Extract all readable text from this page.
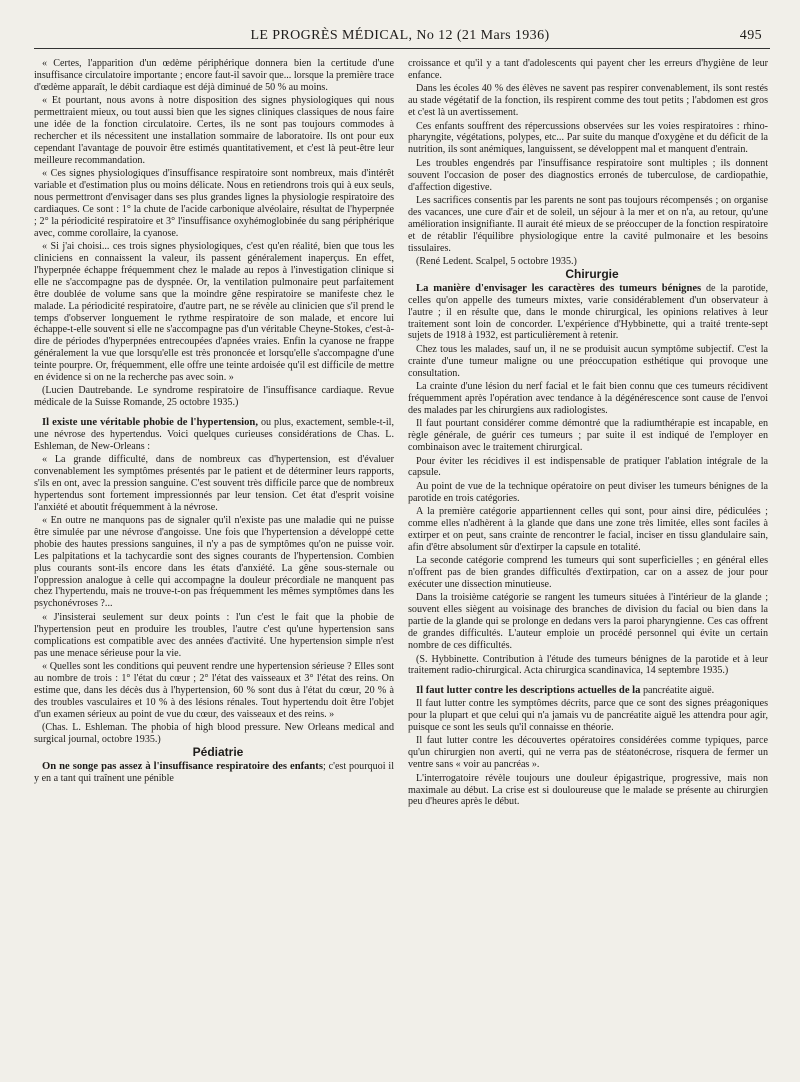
LE PROGRÈS MÉDICAL, No 12 (21 Mars 1936)	495

« Certes, l'apparition d'un œdème périphérique donnera bien la certitude d'une insuffisance circulatoire importante ; encore faut-il savoir que... lorsque la première trace d'œdème apparaît, le débit cardiaque est déjà diminué de 50 % au moins.

« Et pourtant, nous avons à notre disposition des signes physiologiques qui nous permettraient mieux, ou tout aussi bien que les signes cliniques classiques de nous faire une idée de la fonction circulatoire. Certes, ils ne sont pas toujours commodes à rechercher et ils nécessitent une installation sommaire de laboratoire. Ils ont pour eux cependant l'avantage de pouvoir être estimés quantitativement, et c'est là peut-être leur meilleure recommandation.

« Ces signes physiologiques d'insuffisance respiratoire sont nombreux, mais d'intérêt variable et d'estimation plus ou moins délicate. Nous en retiendrons trois qui à eux seuls, nous permettront d'envisager dans ses plus grandes lignes la physiologie respiratoire des cardiaques. Ce sont : 1° la chute de l'acide carbonique alvéolaire, résultat de l'hyperpnée ; 2° la périodicité respiratoire et 3° l'insuffisance oxyhémoglobinée du sang périphérique avec, comme corollaire, la cyanose.

« Si j'ai choisi... ces trois signes physiologiques, c'est qu'en réalité, bien que tous les cliniciens en connaissent la valeur, ils passent généralement inaperçus. En effet, l'hyperpnée échappe fréquemment chez le malade au repos à l'investigation clinique si elle ne s'accompagne pas de dyspnée. Or, la ventilation pulmonaire peut parfaitement être doublée de volume sans que la moindre gêne respiratoire se manifeste chez le malade. La périodicité respiratoire, d'autre part, ne se révèle au clinicien que s'il prend le temps d'observer longuement le rythme respiratoire de son malade, et encore lui échappe-t-elle souvent si elle ne s'accompagne pas d'un véritable Cheyne-Stokes, c'est-à-dire de périodes d'hyperpnées entrecoupées d'apnées vraies. Enfin la cyanose ne frappe généralement la vue que lorsqu'elle est très prononcée et lorsqu'elle s'accompagne d'une teinte pourpre. Or, fréquemment, elle offre une teinte ardoisée qu'il est difficile de mettre en évidence si on ne la recherche pas avec soin. »

(Lucien Dautrebande. Le syndrome respiratoire de l'insuffisance cardiaque. Revue médicale de la Suisse Romande, 25 octobre 1935.)

Il existe une véritable phobie de l'hypertension, ou plus, exactement, semble-t-il, une névrose des hypertendus. Voici quelques curieuses considérations de Chas. L. Eshleman, de New-Orleans :

« La grande difficulté, dans de nombreux cas d'hypertension, est d'évaluer convenablement les symptômes présentés par le patient et de déterminer leurs rapports, s'ils en ont, avec la pression sanguine. C'est souvent très difficile parce que de nombreux hypertendus sont fortement impressionnés par leur tension. Cet état d'esprit voisine l'anxiété et aboutit fréquemment à la névrose.

« En outre ne manquons pas de signaler qu'il n'existe pas une maladie qui ne puisse être simulée par une névrose d'angoisse. Une fois que l'hypertension a développé cette phobie des hautes pressions sanguines, il n'y a pas de symptômes qu'on ne puisse voir. Les palpitations et la tachycardie sont des signes courants de l'hypertension. Combien plus courants sont-ils encore dans les états d'anxiété. La gêne sous-sternale ou l'oppression analogue à celle qui accompagne la douleur précordiale ne manquent pas chez l'hypertendu, mais ne trouve-t-on pas fréquemment les mêmes symptômes dans les psychonévroses ?...

« J'insisterai seulement sur deux points : l'un c'est le fait que la phobie de l'hypertension peut en produire les troubles, l'autre c'est qu'une hypertension sans complications est compatible avec des années d'activité. Une hypertension simple n'est pas une menace sérieuse pour la vie.

« Quelles sont les conditions qui peuvent rendre une hypertension sérieuse ? Elles sont au nombre de trois : 1° l'état du cœur ; 2° l'état des vaisseaux et 3° l'état des reins. On estime que, dans les décès dus à l'hypertension, 60 % sont dus à l'état du cœur, 20 % à des troubles vasculaires et 10 % à des lésions rénales. Tout hypertendu doit être l'objet d'un examen sérieux au point de vue du cœur, des vaisseaux et des reins. »

(Chas. L. Eshleman. The phobia of high blood pressure. New Orleans medical and surgical journal, octobre 1935.)

Pédiatrie

On ne songe pas assez à l'insuffisance respiratoire des enfants; c'est pourquoi il y en a tant qui traînent une pénible

croissance et qu'il y a tant d'adolescents qui payent cher les erreurs d'hygiène de leur enfance.

Dans les écoles 40 % des élèves ne savent pas respirer convenablement, ils sont restés au stade végétatif de la fonction, ils respirent comme des tout petits ; l'abdomen est gros et c'est là un avertissement.

Ces enfants souffrent des répercussions observées sur les voies respiratoires : rhino-pharyngite, végétations, polypes, etc... Par suite du manque d'oxygène et du déficit de la nutrition, ils sont anémiques, languissent, se développent mal et manquent d'entrain.

Les troubles engendrés par l'insuffisance respiratoire sont multiples ; ils donnent souvent l'occasion de poser des diagnostics erronés de tuberculose, de cardiopathie, d'affection digestive.

Les sacrifices consentis par les parents ne sont pas toujours récompensés ; on organise des vacances, une cure d'air et de soleil, un séjour à la mer et on n'a, au retour, qu'une amélioration insignifiante. Il aurait été mieux de se préoccuper de la fonction respiratoire et de rétablir l'équilibre physiologique entre la cavité pulmonaire et les besoins tissulaires.

(René Ledent. Scalpel, 5 octobre 1935.)

Chirurgie

La manière d'envisager les caractères des tumeurs bénignes de la parotide, celles qu'on appelle des tumeurs mixtes, varie considérablement d'un observateur à l'autre ; il en résulte que, dans le monde chirurgical, les opinions relatives à leur traitement sont loin de concorder. L'expérience d'Hybbinette, qui a traité trente-sept sujets de 1918 à 1932, est particulièrement à retenir.

Chez tous les malades, sauf un, il ne se produisit aucun symptôme subjectif. C'est la crainte d'une tumeur maligne ou une préoccupation esthétique qui provoque une consultation.

La crainte d'une lésion du nerf facial et le fait bien connu que ces tumeurs récidivent fréquemment après l'opération avec tendance à la dégénérescence sont cause de l'envoi des malades par les chirurgiens aux radiologistes.

Il faut pourtant considérer comme démontré que la radiumthérapie est incapable, en règle générale, de guérir ces tumeurs ; par suite il est indiqué de l'employer en combinaison avec le traitement chirurgical.

Pour éviter les récidives il est indispensable de pratiquer l'ablation intégrale de la capsule.

Au point de vue de la technique opératoire on peut diviser les tumeurs bénignes de la parotide en trois catégories.

A la première catégorie appartiennent celles qui sont, pour ainsi dire, pédiculées ; comme elles n'adhèrent à la glande que dans une zone très limitée, elles sont faciles à extirper et on peut, sans crainte de rencontrer le facial, inciser en tissu glandulaire sain, afin d'être absolument sûr d'extirper la capsule en totalité.

La seconde catégorie comprend les tumeurs qui sont superficielles ; en général elles n'offrent pas de bien grandes difficultés d'extirpation, car on a assez de jour pour exécuter une dissection minutieuse.

Dans la troisième catégorie se rangent les tumeurs situées à l'intérieur de la glande ; souvent elles siègent au voisinage des branches de division du facial ou bien dans la partie de la glande qui se prolonge en dedans vers la paroi pharyngienne. Ces cas offrent de grandes difficultés. L'auteur emploie un procédé personnel qui évite un certain nombre de ces difficultés.

(S. Hybbinette. Contribution à l'étude des tumeurs bénignes de la parotide et à leur traitement radio-chirurgical. Acta chirurgica scandinavica, 14 septembre 1935.)

Il faut lutter contre les descriptions actuelles de la pancréatite aiguë.

Il faut lutter contre les symptômes décrits, parce que ce sont des signes préagoniques pour la plupart et que celui qui n'a jamais vu de pancréatite aiguë les attendra pour agir, puisque ce sont les seuls qu'il connaisse en théorie.

Il faut lutter contre les découvertes opératoires considérées comme typiques, parce qu'un chirurgien non averti, qui ne verra pas de stéatonécrose, risquera de fermer un ventre sans « voir au pancréas ».

L'interrogatoire révèle toujours une douleur épigastrique, progressive, mais non maximale au début. La crise est si douloureuse que le malade se présente au chirurgien peu d'heures après le début.
